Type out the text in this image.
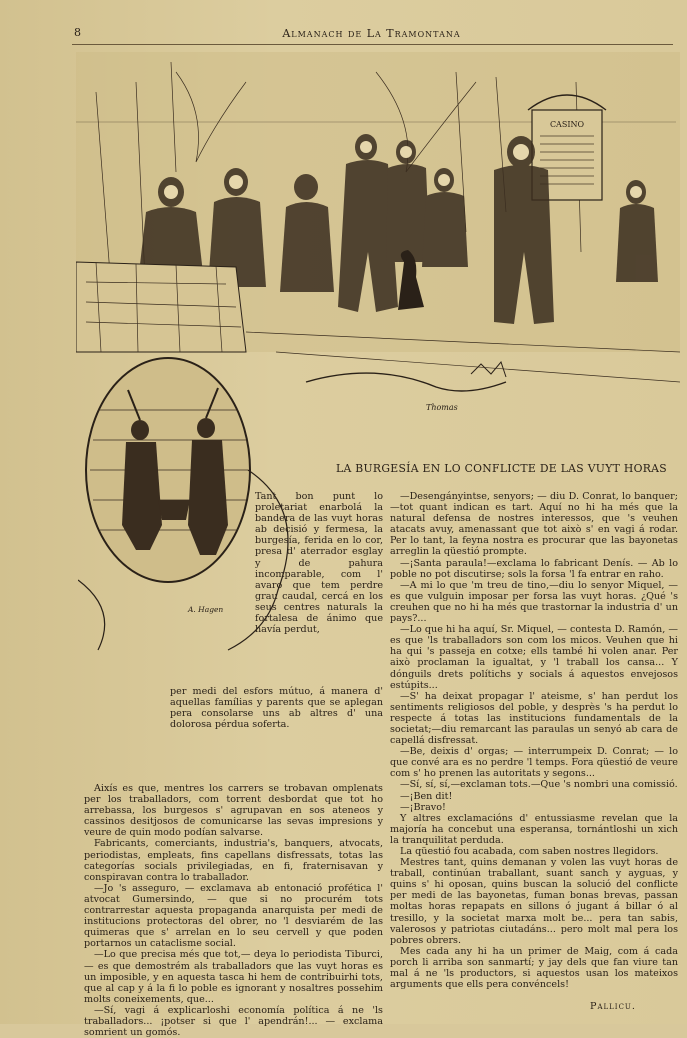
8	Almanach de La Tramontana
CASINO
Thomas
A. Hagen
LA BURGESÍA EN LO CONFLICTE DE LAS VUYT HORAS
Tant bon punt lo proletariat enarbolá la bandera de las vuyt horas ab decisió y fermesa, la burgesía, ferida en lo cor, presa d' aterrador esglay y de pahura incomparable, com l' avaro que tem perdre grau caudal, cercá en los seus centres naturals la fortalesa de ánimo que havía perdut,
per medi del esfors mútuo, á manera d' aquellas famílias y parents que se aplegan pera consolarse uns ab altres d' una dolorosa pérdua soferta.

Aixís es que, mentres los carrers se trobavan omplenats per los traballadors, com torrent desbordat que tot ho arrebassa, los burgesos s' agrupavan en sos ateneos y cassinos desitjosos de comunicarse las sevas impresions y veure de quin modo podían salvarse.

Fabricants, comerciants, industria's, banquers, atvocats, periodistas, empleats, fins capellans disfressats, totas las categorías socials privilegiadas, en fi, fraternisavan y conspiravan contra lo traballador.

—Jo 's asseguro, — exclamava ab entonació profética l' atvocat Gumersindo, — que si no procurém tots contrarrestar aquesta propaganda anarquista per medi de institucions protectoras del obrer, no 'l desviarém de las quimeras que s' arrelan en lo seu cervell y que poden portarnos un cataclisme social.

—Lo que precisa més que tot,— deya lo periodista Tiburci,— es que demostrém als traballadors que las vuyt horas es un imposible, y en aquesta tasca hi hem de contribuirhi tots, que al cap y á la fi lo poble es ignorant y nosaltres possehim molts coneixements, que...

—Sí, vagi á explicarloshi economía política á ne 'ls traballadors... ¡potser si que l' apendrán!... — exclama somrient un gomós.

—Desengányintse, senyors; — diu D. Conrat, lo banquer;—tot quant indican es tart. Aquí no hi ha més que la natural defensa de nostres interessos, que 's veuhen atacats avuy, amenassant que tot això s' en vagi á rodar. Per lo tant, la feyna nostra es procurar que las bayonetas arreglin la qüestió prompte.

—¡Santa paraula!—exclama lo fabricant Denís. — Ab lo poble no pot discutirse; sols la forsa 'l fa entrar en raho.

—A mi lo que 'm treu de tino,—diu lo senyor Miquel, — es que vulguin imposar per forsa las vuyt horas. ¿Qué 's creuhen que no hi ha més que trastornar la industria d' un pays?...

—Lo que hi ha aquí, Sr. Miquel, — contesta D. Ramón, — es que 'ls traballadors son com los micos. Veuhen que hi ha qui 's passeja en cotxe; ells també hi volen anar. Per això proclaman la igualtat, y 'l traball los cansa... Y dónguils drets polítichs y socials á aquestos envejosos estúpits...

—S' ha deixat propagar l' ateisme, s' han perdut los sentiments religiosos del poble, y desprès 's ha perdut lo respecte á totas las institucions fundamentals de la societat;—diu remarcant las paraulas un senyó ab cara de capellá disfressat.

—Be, deixis d' orgas; — interrumpeix D. Conrat; — lo que convé ara es no perdre 'l temps. Fora qüestió de veure com s' ho prenen las autoritats y segons...

—Sí, sí, sí,—exclaman tots.—Que 's nombri una comissió.

—¡Ben dit!

—¡Bravo!

Y altres exclamacións d' entussiasme revelan que la majoría ha concebut una esperansa, tornántloshi un xich la tranquilitat perduda.

La qüestió fou acabada, com saben nostres llegidors.

Mestres tant, quins demanan y volen las vuyt horas de traball, continúan traballant, suant sanch y ayguas, y quins s' hi oposan, quins buscan la solució del conflicte per medi de las bayonetas, fuman bonas brevas, passan moltas horas repapats en sillons ó jugant á billar ó al tresillo, y la societat marxa molt be... pera tan sabis, valerosos y patriotas ciutadáns... pero molt mal pera los pobres obrers.

Mes cada any hi ha un primer de Maig, com á cada porch li arriba son sanmartí; y jay dels que fan viure tan mal á ne 'ls productors, si aquestos usan los mateixos arguments que ells pera convéncels!

Pallicu.
